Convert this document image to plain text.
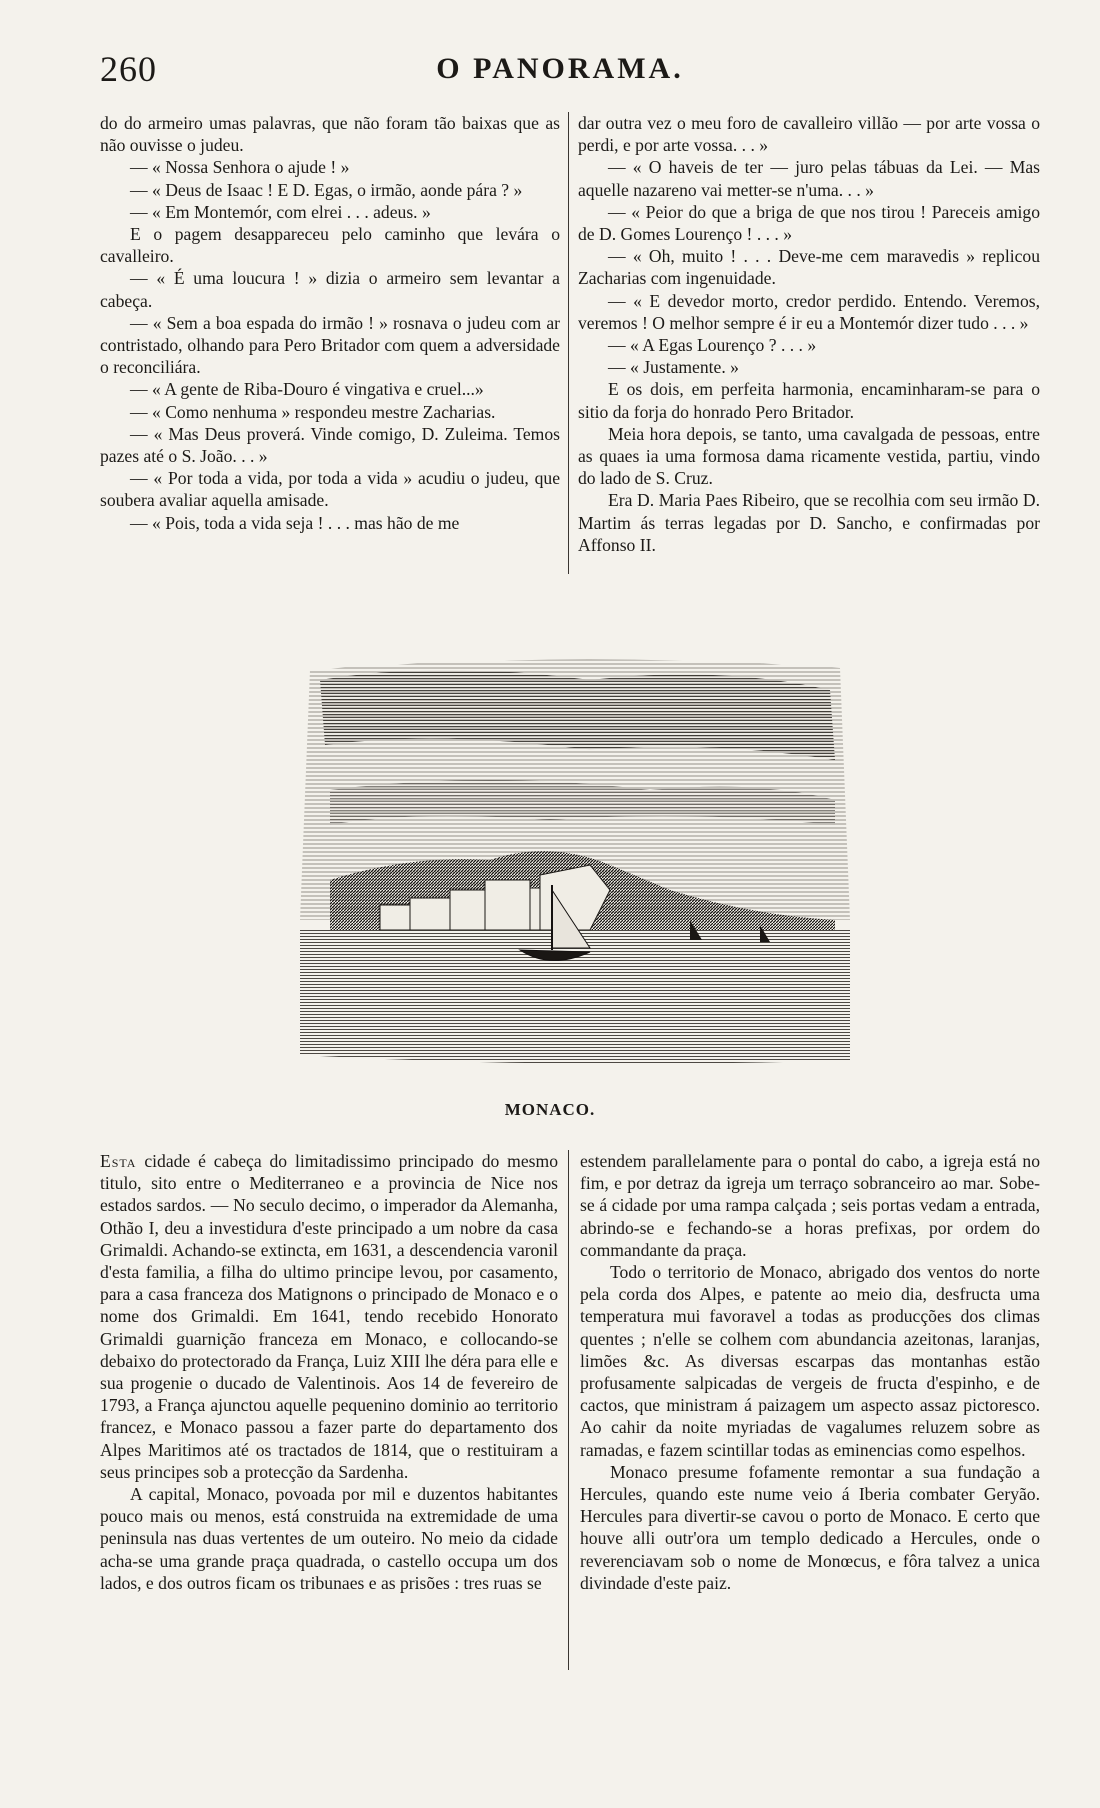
260	O PANORAMA.

do do armeiro umas palavras, que não foram tão baixas que as não ouvisse o judeu.

— « Nossa Senhora o ajude ! »

— « Deus de Isaac ! E D. Egas, o irmão, aonde pára ? »

— « Em Montemór, com elrei . . . adeus. »

E o pagem desappareceu pelo caminho que levára o cavalleiro.

— « É uma loucura ! » dizia o armeiro sem levantar a cabeça.

— « Sem a boa espada do irmão ! » rosnava o judeu com ar contristado, olhando para Pero Britador com quem a adversidade o reconciliára.

— « A gente de Riba-Douro é vingativa e cruel...»

— « Como nenhuma » respondeu mestre Zacharias.

— « Mas Deus proverá. Vinde comigo, D. Zuleima. Temos pazes até o S. João. . . »

— « Por toda a vida, por toda a vida » acudiu o judeu, que soubera avaliar aquella amisade.

— « Pois, toda a vida seja ! . . . mas hão de me

dar outra vez o meu foro de cavalleiro villão — por arte vossa o perdi, e por arte vossa. . . »

— « O haveis de ter — juro pelas tábuas da Lei. — Mas aquelle nazareno vai metter-se n'uma. . . »

— « Peior do que a briga de que nos tirou ! Pareceis amigo de D. Gomes Lourenço ! . . . »

— « Oh, muito ! . . . Deve-me cem maravedis » replicou Zacharias com ingenuidade.

— « E devedor morto, credor perdido. Entendo. Veremos, veremos ! O melhor sempre é ir eu a Montemór dizer tudo . . . »

— « A Egas Lourenço ? . . . »

— « Justamente. »

E os dois, em perfeita harmonia, encaminharam-se para o sitio da forja do honrado Pero Britador.

Meia hora depois, se tanto, uma cavalgada de pessoas, entre as quaes ia uma formosa dama ricamente vestida, partiu, vindo do lado de S. Cruz.

Era D. Maria Paes Ribeiro, que se recolhia com seu irmão D. Martim ás terras legadas por D. Sancho, e confirmadas por Affonso II.

MONACO.

Esta cidade é cabeça do limitadissimo principado do mesmo titulo, sito entre o Mediterraneo e a provincia de Nice nos estados sardos. — No seculo decimo, o imperador da Alemanha, Othão I, deu a investidura d'este principado a um nobre da casa Grimaldi. Achando-se extincta, em 1631, a descendencia varonil d'esta familia, a filha do ultimo principe levou, por casamento, para a casa franceza dos Matignons o principado de Monaco e o nome dos Grimaldi. Em 1641, tendo recebido Honorato Grimaldi guarnição franceza em Monaco, e collocando-se debaixo do protectorado da França, Luiz XIII lhe déra para elle e sua progenie o ducado de Valentinois. Aos 14 de fevereiro de 1793, a França ajunctou aquelle pequenino dominio ao territorio francez, e Monaco passou a fazer parte do departamento dos Alpes Maritimos até os tractados de 1814, que o restituiram a seus principes sob a protecção da Sardenha.

A capital, Monaco, povoada por mil e duzentos habitantes pouco mais ou menos, está construida na extremidade de uma peninsula nas duas vertentes de um outeiro. No meio da cidade acha-se uma grande praça quadrada, o castello occupa um dos lados, e dos outros ficam os tribunaes e as prisões : tres ruas se

estendem parallelamente para o pontal do cabo, a igreja está no fim, e por detraz da igreja um terraço sobranceiro ao mar. Sobe-se á cidade por uma rampa calçada ; seis portas vedam a entrada, abrindo-se e fechando-se a horas prefixas, por ordem do commandante da praça.

Todo o territorio de Monaco, abrigado dos ventos do norte pela corda dos Alpes, e patente ao meio dia, desfructa uma temperatura mui favoravel a todas as producções dos climas quentes ; n'elle se colhem com abundancia azeitonas, laranjas, limões &c. As diversas escarpas das montanhas estão profusamente salpicadas de vergeis de fructa d'espinho, e de cactos, que ministram á paizagem um aspecto assaz pictoresco. Ao cahir da noite myriadas de vagalumes reluzem sobre as ramadas, e fazem scintillar todas as eminencias como espelhos.

Monaco presume fofamente remontar a sua fundação a Hercules, quando este nume veio á Iberia combater Geryão. Hercules para divertir-se cavou o porto de Monaco. E certo que houve alli outr'ora um templo dedicado a Hercules, onde o reverenciavam sob o nome de Monœcus, e fôra talvez a unica divindade d'este paiz.
